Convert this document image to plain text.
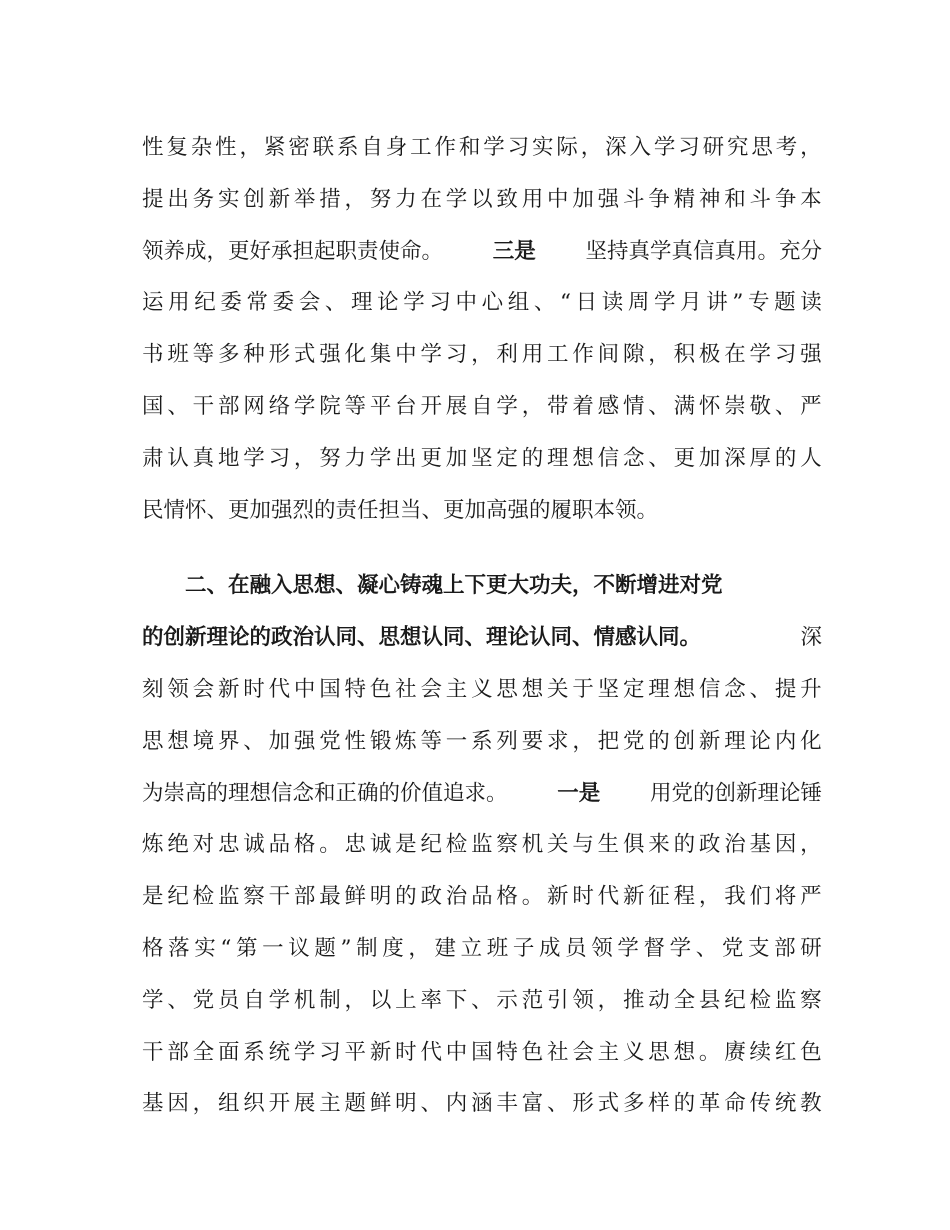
性 复 杂 性 ， 紧 密 联 系 自 身 工 作 和 学 习 实 际 ， 深 入 学 习 研 究 思 考 ，
提 出 务 实 创 新 举 措 ， 努 力 在 学 以 致 用 中 加 强 斗 争 精 神 和 斗 争 本
领养成，更好承担起职责使命。 三是 坚持真学真信真用。充分
运 用 纪 委 常 委 会 、 理 论 学 习 中 心 组 、 “ 日 读 周 学 月 讲 ” 专 题 读
书 班 等 多 种 形 式 强 化 集 中 学 习 ， 利 用 工 作 间 隙 ， 积 极 在 学 习 强
国 、 干 部 网 络 学 院 等 平 台 开 展 自 学 ， 带 着 感 情 、 满 怀 崇 敬 、 严
肃 认 真 地 学 习 ， 努 力 学 出 更 加 坚 定 的 理 想 信 念 、 更 加 深 厚 的 人
民情怀、更加强烈的责任担当、更加高强的履职本领。
二、在融入思想、凝心铸魂上下更大功夫，不断增进对党
的创新理论的政治认同、思想认同、理论认同、情感认同。	深
刻 领 会 新 时 代 中 国 特 色 社 会 主 义 思 想 关 于 坚 定 理 想 信 念 、 提 升
思 想 境 界 、 加 强 党 性 锻 炼 等 一 系 列 要 求 ， 把 党 的 创 新 理 论 内 化
为崇高的理想信念和正确的价值追求。 一是 用党的创新理论锤
炼 绝 对 忠 诚 品 格 。 忠 诚 是 纪 检 监 察 机 关 与 生 俱 来 的 政 治 基 因 ，
是 纪 检 监 察 干 部 最 鲜 明 的 政 治 品 格 。 新 时 代 新 征 程 ， 我 们 将 严
格 落 实 “ 第 一 议 题 ” 制 度 ， 建 立 班 子 成 员 领 学 督 学 、 党 支 部 研
学 、 党 员 自 学 机 制 ， 以 上 率 下 、 示 范 引 领 ， 推 动 全 县 纪 检 监 察
干 部 全 面 系 统 学 习 平 新 时 代 中 国 特 色 社 会 主 义 思 想 。 赓 续 红 色
基 因 ， 组 织 开 展 主 题 鲜 明 、 内 涵 丰 富 、 形 式 多 样 的 革 命 传 统 教
